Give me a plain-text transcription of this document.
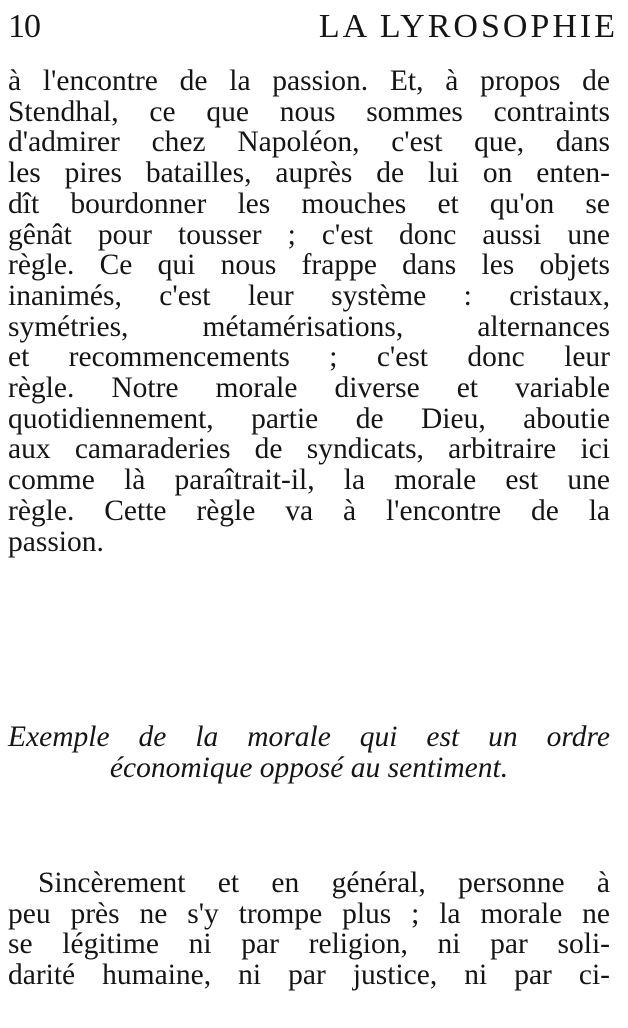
10	LA LYROSOPHIE

à l'encontre de la passion. Et, à propos de
Stendhal, ce que nous sommes contraints
d'admirer chez Napoléon, c'est que, dans
les pires batailles, auprès de lui on enten-
dît bourdonner les mouches et qu'on se
gênât pour tousser ; c'est donc aussi une
règle. Ce qui nous frappe dans les objets
inanimés, c'est leur système : cristaux,
symétries, métamérisations, alternances
et recommencements ; c'est donc leur
règle. Notre morale diverse et variable
quotidiennement, partie de Dieu, aboutie
aux camaraderies de syndicats, arbitraire ici
comme là paraîtrait-il, la morale est une
règle. Cette règle va à l'encontre de la
passion.

Exemple de la morale qui est un ordre
économique opposé au sentiment.

Sincèrement et en général, personne à
peu près ne s'y trompe plus ; la morale ne
se légitime ni par religion, ni par soli-
darité humaine, ni par justice, ni par ci-
